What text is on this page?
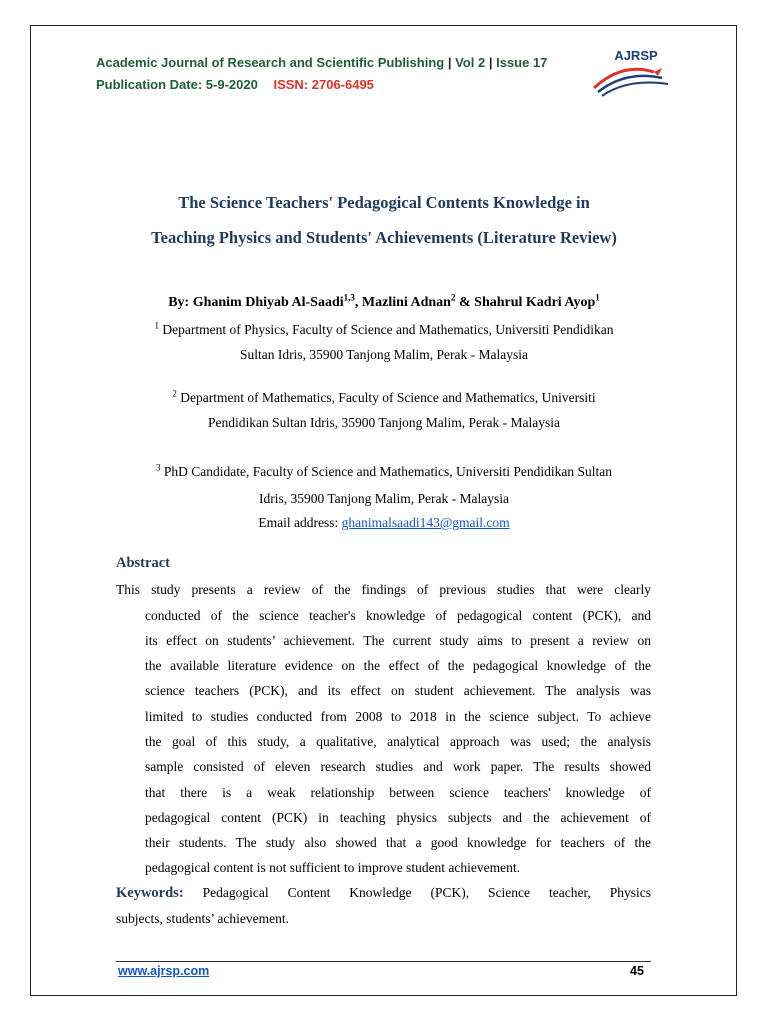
Academic Journal of Research and Scientific Publishing | Vol 2 | Issue 17
Publication Date: 5-9-2020 ISSN: 2706-6495
AJRSP
The Science Teachers' Pedagogical Contents Knowledge in
Teaching Physics and Students' Achievements (Literature Review)
By: Ghanim Dhiyab Al-Saadi$^{1,3}$, Mazlini Adnan$^2$ & Shahrul Kadri Ayop$^1$
$^1$ Department of Physics, Faculty of Science and Mathematics, Universiti Pendidikan
Sultan Idris, 35900 Tanjong Malim, Perak - Malaysia
$^2$ Department of Mathematics, Faculty of Science and Mathematics, Universiti
Pendidikan Sultan Idris, 35900 Tanjong Malim, Perak - Malaysia
$^3$ PhD Candidate, Faculty of Science and Mathematics, Universiti Pendidikan Sultan
Idris, 35900 Tanjong Malim, Perak - Malaysia
Email address: ghanimalsaadi143@gmail.com
Abstract
This study presents a review of the findings of previous studies that were clearly
conducted of the science teacher's knowledge of pedagogical content (PCK), and
its effect on students’ achievement. The current study aims to present a review on
the available literature evidence on the effect of the pedagogical knowledge of the
science teachers (PCK), and its effect on student achievement. The analysis was
limited to studies conducted from 2008 to 2018 in the science subject. To achieve
the goal of this study, a qualitative, analytical approach was used; the analysis
sample consisted of eleven research studies and work paper. The results showed
that there is a weak relationship between science teachers' knowledge of
pedagogical content (PCK) in teaching physics subjects and the achievement of
their students. The study also showed that a good knowledge for teachers of the
pedagogical content is not sufficient to improve student achievement.
Keywords: Pedagogical Content Knowledge (PCK), Science teacher, Physics
subjects, students’ achievement.
www.ajrsp.com	45
